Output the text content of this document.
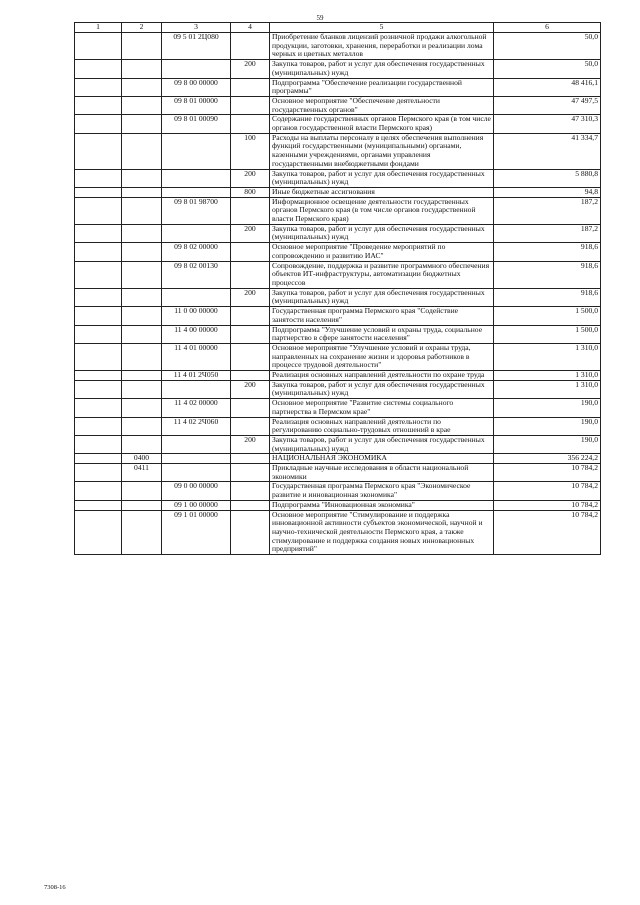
59
1	2	3	4	5	6
		09 5 01 2Ц080		Приобретение бланков лицензий розничной продажи алкогольной продукции, заготовки, хранения, переработки и реализации лома черных и цветных металлов	50,0
			200	Закупка товаров, работ и услуг для обеспечения государственных (муниципальных) нужд	50,0
		09 8 00 00000		Подпрограмма "Обеспечение реализации государственной программы"	48 416,1
		09 8 01 00000		Основное мероприятие "Обеспечение деятельности государственных органов"	47 497,5
		09 8 01 00090		Содержание государственных органов Пермского края (в том числе органов государственной власти Пермского края)	47 310,3
			100	Расходы на выплаты персоналу в целях обеспечения выполнения функций государственными (муниципальными) органами, казенными учреждениями, органами управления государственными внебюджетными фондами	41 334,7
			200	Закупка товаров, работ и услуг для обеспечения государственных (муниципальных) нужд	5 880,8
			800	Иные бюджетные ассигнования	94,8
		09 8 01 98700		Информационное освещение деятельности государственных органов Пермского края (в том числе органов государственной власти Пермского края)	187,2
			200	Закупка товаров, работ и услуг для обеспечения государственных (муниципальных) нужд	187,2
		09 8 02 00000		Основное мероприятие "Проведение мероприятий по сопровождению и развитию ИАС"	918,6
		09 8 02 00130		Сопровождение, поддержка и развитие программного обеспечения объектов ИТ-инфраструктуры, автоматизации бюджетных процессов	918,6
			200	Закупка товаров, работ и услуг для обеспечения государственных (муниципальных) нужд	918,6
		11 0 00 00000		Государственная программа Пермского края "Содействие занятости населения"	1 500,0
		11 4 00 00000		Подпрограмма "Улучшение условий и охраны труда, социальное партнерство в сфере занятости населения"	1 500,0
		11 4 01 00000		Основное мероприятие "Улучшение условий и охраны труда, направленных на сохранение жизни и здоровья работников в процессе трудовой деятельности"	1 310,0
		11 4 01 2Ч050		Реализация основных направлений деятельности по охране труда	1 310,0
			200	Закупка товаров, работ и услуг для обеспечения государственных (муниципальных) нужд	1 310,0
		11 4 02 00000		Основное мероприятие "Развитие системы социального партнерства в Пермском крае"	190,0
		11 4 02 2Ч060		Реализация основных направлений деятельности по регулированию социально-трудовых отношений в крае	190,0
			200	Закупка товаров, работ и услуг для обеспечения государственных (муниципальных) нужд	190,0
	0400			НАЦИОНАЛЬНАЯ ЭКОНОМИКА	356 224,2
	0411			Прикладные научные исследования в области национальной экономики	10 784,2
		09 0 00 00000		Государственная программа Пермского края "Экономическое развитие и инновационная экономика"	10 784,2
		09 1 00 00000		Подпрограмма "Инновационная экономика"	10 784,2
		09 1 01 00000		Основное мероприятие "Стимулирование и поддержка инновационной активности субъектов экономической, научной и научно-технической деятельности Пермского края, а также стимулирование и поддержка создания новых инновационных предприятий"	10 784,2
7308-16
